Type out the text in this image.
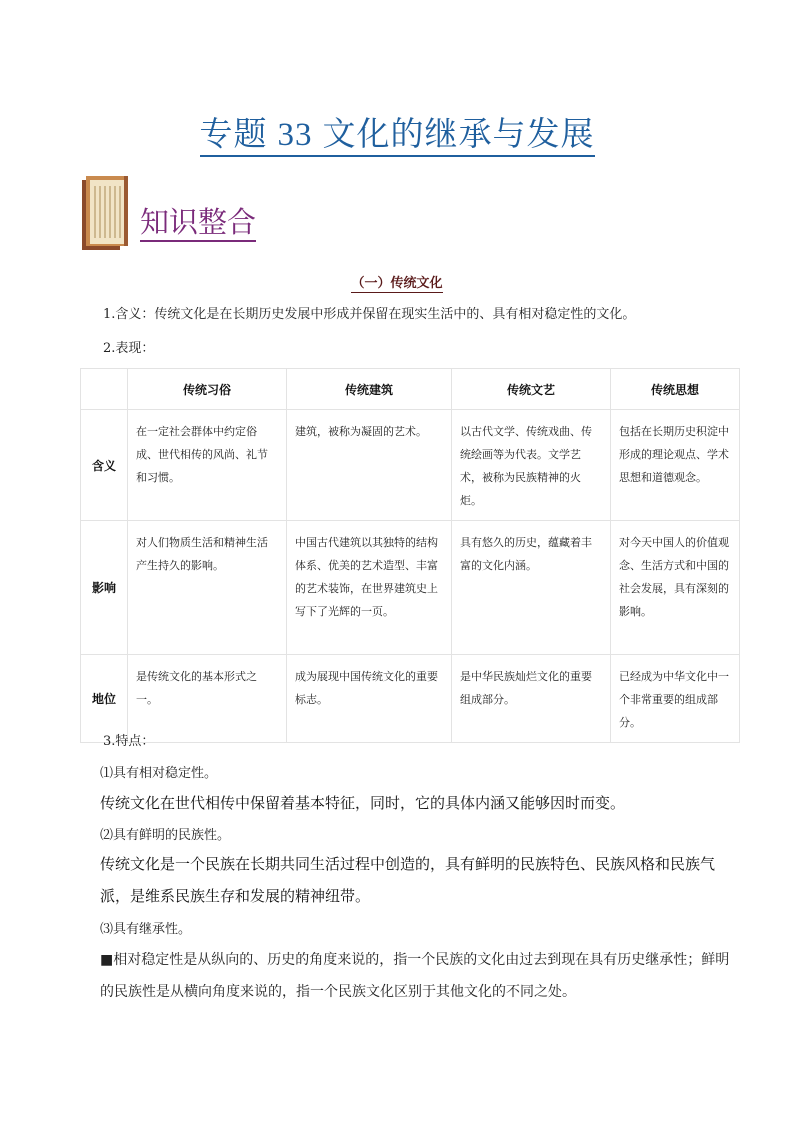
专题 33 文化的继承与发展
知识整合
（一）传统文化
1.含义：传统文化是在长期历史发展中形成并保留在现实生活中的、具有相对稳定性的文化。
2.表现：
	传统习俗	传统建筑	传统文艺	传统思想
含义	在一定社会群体中约定俗成、世代相传的风尚、礼节和习惯。	建筑，被称为凝固的艺术。	以古代文学、传统戏曲、传统绘画等为代表。文学艺术，被称为民族精神的火炬。	包括在长期历史积淀中形成的理论观点、学术思想和道德观念。
影响	对人们物质生活和精神生活产生持久的影响。	中国古代建筑以其独特的结构体系、优美的艺术造型、丰富的艺术装饰，在世界建筑史上写下了光辉的一页。	具有悠久的历史，蕴藏着丰富的文化内涵。	对今天中国人的价值观念、生活方式和中国的社会发展，具有深刻的影响。
地位	是传统文化的基本形式之一。	成为展现中国传统文化的重要标志。	是中华民族灿烂文化的重要组成部分。	已经成为中华文化中一个非常重要的组成部分。
3.特点：
⑴具有相对稳定性。
传统文化在世代相传中保留着基本特征，同时，它的具体内涵又能够因时而变。
⑵具有鲜明的民族性。
传统文化是一个民族在长期共同生活过程中创造的，具有鲜明的民族特色、民族风格和民族气派，是维系民族生存和发展的精神纽带。
⑶具有继承性。
■相对稳定性是从纵向的、历史的角度来说的，指一个民族的文化由过去到现在具有历史继承性；鲜明的民族性是从横向角度来说的，指一个民族文化区别于其他文化的不同之处。
